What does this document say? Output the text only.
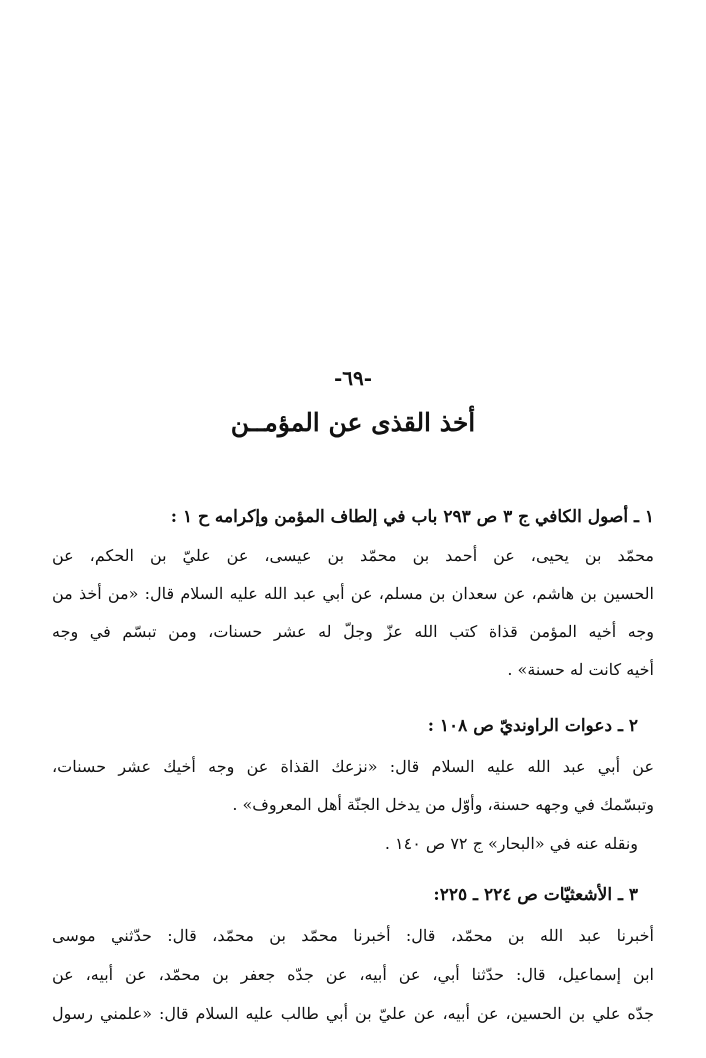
-٦٩-
أخذ القذى عن المؤمــن
١ ـ أصول الكافي ج ٣ ص ٢٩٣ باب في إلطاف المؤمن وإكرامه ح ١ :
محمّد بن يحيى، عن أحمد بن محمّد بن عيسى، عن عليّ بن الحكم، عن
الحسين بن هاشم، عن سعدان بن مسلم، عن أبي عبد الله عليه السلام قال: «من أخذ من
وجه أخيه المؤمن قذاة كتب الله عزّ وجلّ له عشر حسنات، ومن تبسّم في وجه
أخيه كانت له حسنة» .
٢ ـ دعوات الراونديّ ص ١٠٨ :
عن أبي عبد الله عليه السلام قال: «نزعك القذاة عن وجه أخيك عشر حسنات،
وتبسّمك في وجهه حسنة، وأوّل من يدخل الجنّة أهل المعروف» .
ونقله عنه في «البحار» ج ٧٢ ص ١٤٠ .
٣ ـ الأشعثيّات ص ٢٢٤ ـ ٢٢٥:
أخبرنا عبد الله بن محمّد، قال: أخبرنا محمّد بن محمّد، قال: حدّثني موسى
ابن إسماعيل، قال: حدّثنا أبي، عن أبيه، عن جدّه جعفر بن محمّد، عن أبيه، عن
جدّه علي بن الحسين، عن أبيه، عن عليّ بن أبي طالب عليه السلام قال: «علمني رسول
